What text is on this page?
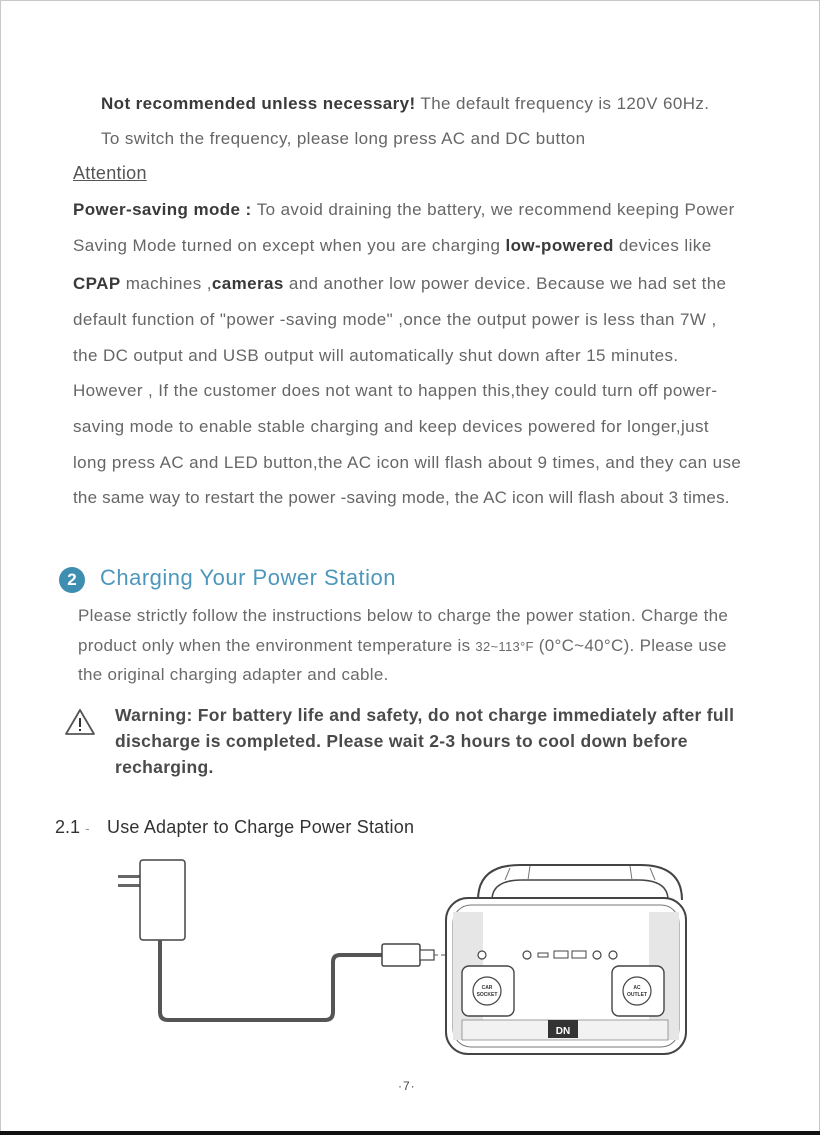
Not recommended unless necessary! The default frequency is 120V 60Hz.
To switch the frequency, please long press AC and DC button
Attention
Power-saving mode : To avoid draining the battery, we recommend keeping Power
Saving Mode turned on except when you are charging low-powered devices like
CPAP machines ,cameras and another low power device. Because we had set the
default function of "power -saving mode" ,once the output power is less than 7W ,
the DC output and USB output will automatically shut down after 15 minutes.
However , If the customer does not want to happen this,they could turn off power-
saving mode to enable stable charging and keep devices powered for longer,just
long press AC and LED button,the AC icon will flash about 9 times, and they can use
the same way to restart the power -saving mode, the AC icon will flash about 3 times.
2	Charging Your Power Station
Please strictly follow the instructions below to charge the power station. Charge the
product only when the environment temperature is 32~113°F (0°C~40°C). Please use
the original charging adapter and cable.
Warning: For battery life and safety, do not charge immediately after full
discharge is completed. Please wait 2-3 hours to cool down before
recharging.
2.1 - Use Adapter to Charge Power Station
CAR
SOCKET
AC
OUTLET
DN
·7·
